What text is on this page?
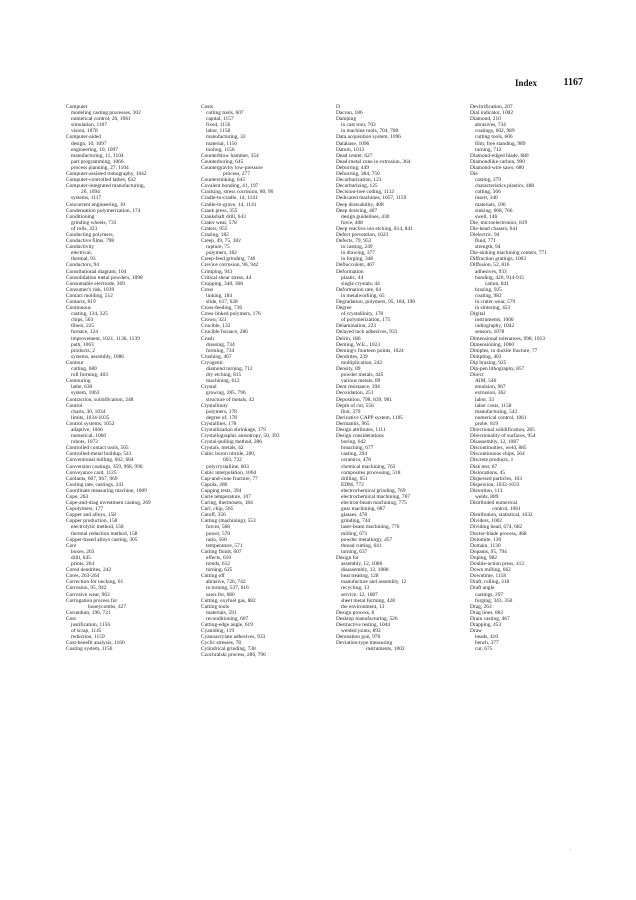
Index	1167
Computer
modeling casting processes, 302
numerical control, 26, 1061
simulation, 1107
vision, 1078
Computer-aided
design, 10, 1097
engineering, 10, 1097
manufacturing, 11, 1104
part programming, 1066
process planning, 27, 1104
Computer-assisted tomography, 1042
Computer-controlled lathes, 632
Computer-integrated manufacturing,
26, 1094
systems, 1117
Concurrent engineering, 10
Condensation polymerization, 174
Conditioning
grinding wheels, 733
of rolls, 323
Conducting polymers,
Conductive films, 798
Conductivity
electrical,
thermal, 93
Conductors, 94
Constitutional diagram, 104
Consolidation metal powders, 1098
Consumable electrode, 369
Consumer's risk, 1039
Contact molding, 512
Contacts, 819
Continuous
casting, 134, 325
chips, 563
fibers, 225
furnace, 124
improvement, 1021, 1136, 1139
path, 1063
products, 2
systems, assembly, 1086
Contour
cutting, 680
roll forming, 403
Contouring
lathe, 630
system, 1063
Contraction, solidification, 248
Control
charts, 30, 1034
limits, 1034-1035
Control systems, 1052
adaptive, 1066
numerical, 1060
robots, 1072
Controlled contact tools, 565
Controlled-metal buildup, 541
Conventional milling, 662, 664
Conversion coatings, 359, 968, 996
Conveyance card, 1125
Coolants, 607, 967, 969
Cooling rate, castings, 241
Coordinate measuring machine, 1009
Cope, 263
Cope-and-drag investment casting, 269
Copolymers, 177
Copper and alloys, 158
Copper production, 158
electrolytic method, 158
thermal reduction method, 158
Copper-based alloys casting, 305
Core
boxes, 263
drill, 645
prints, 264
Cored dendrites, 242
Cores, 263-264
Correction for necking, 61
Corrosion, 95, 942
Corrosive wear, 963
Corrugation process for
honeycombs, 427
Corundum, 196, 721
Cost
justification, 1156
of scrap, 1145
reduction, 1159
Cost-benefit analysis, 1160
Costing system, 1156
Costs
cutting tools, 607
capital, 1157
fixed, 1156
labor, 1158
manufacturing, 32
material, 1156
tooling, 1156
Counterblow hammer, 354
Counterboring, 645
Countergravity low-pressure
process, 277
Countersinking, 645
Covalent bonding, 41, 197
Cracking, stress corrosion, 80, 96
Cradle-to-cradle, 14, 1141
Cradle-to-grave, 14, 1141
Crank press, 355
Crankshaft drill, 643
Crater wear, 578
Craters, 955
Crazing, 182
Creep, 49, 75, 182
rupture, 75
polymers, 182
Creep-feed grinding, 740
Crevice corrosion, 96, 942
Crimping, 941
Critical shear stress, 44
Cropping, 340, 368
Cross
linking, 184
slide, 617, 628
Cross-feeding, 736
Cross-linked polymers, 176
Crown, 321
Crucible, 132
Crucible furnace, 286
Crush
dressing, 734
forming, 734
Crushing, 467
Cryogenic
diamond turning, 712
dry etching, 815
machining, 612
Crystal
growing, 285, 796
structure of metals, 42
Crystallinity
polymers, 178
degree of, 178
Crystallites, 178
Crystallization shrinkage, 179
Crystallographic anisotropy, 50, 393
Crystal-pulling method, 286
Crystals, metals, 42
Cubic boron nitride, 200,
603, 722
polycrystalline, 603
Cubic interpolation, 1064
Cup-and-cone fracture, 77
Cupola, 286
Cupping tests, 394
Curie temperature, 107
Curing, thermosets, 184
Curl, chip, 565
Cutoff, 356
Cutting (machining), 553
forces, 568
power, 570
ratio, 560
temperature, 571
Cutting fluids, 607
effects, 610
trends, 612
turning, 625
Cutting off
abrasive, 726, 742
in turning, 537, 616
saws for, 680
Cutting, oxyfuel gas, 882
Cutting tools
materials, 591
reconditioning, 607
Cutting-edge angle, 619
Cyaniding, 119
Cyanoacrylate adhesives, 933
Cyclic stresses, 78
Cylindrical grinding, 738
Czochralski process, 286, 796
D
Dacron, 186
Damping
in cast iron, 703
in machine tools, 704, 708
Data acquisition system, 1096
Database, 1096
Datum, 1013
Dead center, 627
Dead-metal zone in extrusion, 364
Deburring, 449
Deburring, 384, 750
Decarburization, 121
Decarburizing, 125
Decision-tree coding, 1112
Dedicated machines, 1057, 1159
Deep drawability, 408
Deep drawing, 407
design guidelines, 430
force, 408
Deep reactive ion etching, 814, 841
Defect prevention, 1023
Defects, 79, 953
in casting, 249
in drawing, 377
in forging, 348
Deflocculent, 467
Deformation
plastic, 44
single crystals, 44
Deformation rate, 64
in metalworking, 65
Degradation, polymers, 95, 184, 190
Degree
of crystallinity, 178
of polymerization, 175
Delamination, 223
Delayed tack adhesives, 933
Delrin, 186
Deming, W.E., 1023
Deming's fourteen points, 1024
Dendrites, 239
multiplication, 242
Density, 89
powder metals, 445
various metals, 89
Dent resistance, 394
Deoxidation, 251
Deposition, 798, 839, 981
Depth of cut, 556
first, 379
Derivative CAPP system, 1105
Dermatitis, 965
Design attributes, 1111
Design considerations
boring, 642
broaching, 677
casting, 294
ceramics, 478
chemical machining, 763
composites processing, 518
drilling, 651
EDM, 772
electrochemical grinding, 769
electrochemical machining, 767
electron-beam machining, 775
gear machining, 687
glasses, 478
grinding, 744
laser-beam machining, 776
milling, 671
powder metallurgy, 457
thread cutting, 641
turning, 637
Design for
assembly, 12, 1086
disassembly, 12, 1088
heat treating, 128
manufacture and assembly, 12
recycling, 13
service, 12, 1087
sheet metal forming, 428
the environment, 13
Design process, 8
Desktop manufacturing, 526
Destructive testing, 1044
welded joints, 892
Detonation gun, 978
Deviation-type measuring
instruments, 1002
Devitrification, 207
Dial indicator, 1002
Diamond, 210
abrasives, 734
coatings, 602, 989
cutting tools, 606
film, free standing, 989
turning, 712
Diamond-edged blade, 680
Diamondlike carbon, 990
Diamond-wire saws, 680
Die
casting, 279
characteristics plastics, 488
cutting, 366
insert, 340
materials, 196
sinking, 668, 766
swell, 146
Die, microelectronics, 819
Die-head chasers, 641
Dielectric, 94
fluid, 771
strength, 94
Die-sinking machining centers, 771
Diffraction gratings, 1003
Diffusion, 52, 816
adhesives, 933
bonding, 420, 914-915
cation, 841
brazing, 925
coating, 982
in crater wear, 579
in sintering, 453
Digital
instruments, 1000
radiography, 1042
sensors, 1078
Dimensional tolerances, 998, 1013
Dimensioning, 1060
Dimples, in ductile fracture, 77
Dimpling, 403
Dip brazing, 925
Dip-pen lithography, 857
Direct
AIM, 546
emulsion, 967
extrusion, 362
labor, 33
labor costs, 1158
manufacturing, 542
numerical control, 1061
probe, 819
Directional solidification, 285
Directionality of surfaces, 954
Disassembly, 12, 1087
Discontinuities, weld, 885
Discontinuous chips, 564
Discrete products, 1
Disk test, 67
Dislocations, 45
Dispersed particles, 103
Dispersion, 1032-1033
Distortion, 113
welds, 889
Distributed numerical
control, 1061
Distribution, statistical, 1032
Dividers, 1002
Dividing head, 674, 682
Doctor-blade process, 468
Dolomite, 130
Domain, 1130
Dopants, 95, 794
Doping, 982
Double-action press, 412
Down milling, 662
Downtime, 1158
Draft, rolling, 318
Draft angle
castings, 297
forging, 343, 350
Drag, 263
Drag lines, 883
Drain casting, 467
Drapping, 453
Draw
beads, 410
bench, 377
cut, 675
·
